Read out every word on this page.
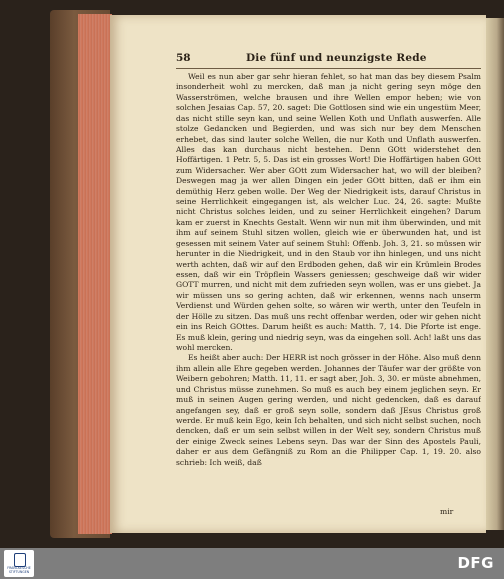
58	Die fünf und neunzigste Rede

Weil es nun aber gar sehr hieran fehlet, so hat man das bey diesem Psalm insonderheit wohl zu mercken, daß man ja nicht gering seyn möge den Wasserströmen, welche brausen und ihre Wellen empor heben; wie von solchen Jesaias Cap. 57, 20. saget: Die Gottlosen sind wie ein ungestüm Meer, das nicht stille seyn kan, und seine Wellen Koth und Unflath auswerfen. Alle stolze Gedancken und Begierden, und was sich nur bey dem Menschen erhebet, das sind lauter solche Wellen, die nur Koth und Unflath auswerfen. Alles das kan durchaus nicht bestehen. Denn GOtt widerstehet den Hoffärtigen. 1 Petr. 5, 5. Das ist ein grosses Wort! Die Hoffärtigen haben GOtt zum Widersacher. Wer aber GOtt zum Widersacher hat, wo will der bleiben? Deswegen mag ja wer allen Dingen ein jeder GOtt bitten, daß er ihm ein demüthig Herz geben wolle. Der Weg der Niedrigkeit ists, darauf Christus in seine Herrlichkeit eingegangen ist, als welcher Luc. 24, 26. sagte: Mußte nicht Christus solches leiden, und zu seiner Herrlichkeit eingehen? Darum kam er zuerst in Knechts Gestalt. Wenn wir nun mit ihm überwinden, und mit ihm auf seinem Stuhl sitzen wollen, gleich wie er überwunden hat, und ist gesessen mit seinem Vater auf seinem Stuhl: Offenb. Joh. 3, 21. so müssen wir herunter in die Niedrigkeit, und in den Staub vor ihn hinlegen, und uns nicht werth achten, daß wir auf den Erdboden gehen, daß wir ein Krümlein Brodes essen, daß wir ein Tröpflein Wassers geniessen; geschweige daß wir wider GOTT murren, und nicht mit dem zufrieden seyn wollen, was er uns giebet. Ja wir müssen uns so gering achten, daß wir erkennen, wenns nach unserm Verdienst und Würden gehen solte, so wären wir werth, unter den Teufeln in der Hölle zu sitzen. Das muß uns recht offenbar werden, oder wir gehen nicht ein ins Reich GOttes. Darum heißt es auch: Matth. 7, 14. Die Pforte ist enge. Es muß klein, gering und niedrig seyn, was da eingehen soll. Ach! laßt uns das wohl mercken.

Es heißt aber auch: Der HERR ist noch grösser in der Höhe. Also muß denn ihm allein alle Ehre gegeben werden. Johannes der Täufer war der größte von Weibern gebohren; Matth. 11, 11. er sagt aber, Joh. 3, 30. er müste abnehmen, und Christus müsse zunehmen. So muß es auch bey einem jeglichen seyn. Er muß in seinen Augen gering werden, und nicht gedencken, daß es darauf angefangen sey, daß er groß seyn solle, sondern daß JEsus Christus groß werde. Er muß kein Ego, kein Ich behalten, und sich nicht selbst suchen, noch dencken, daß er um sein selbst willen in der Welt sey, sondern Christus muß der einige Zweck seines Lebens seyn. Das war der Sinn des Apostels Pauli, daher er aus dem Gefängniß zu Rom an die Philipper Cap. 1, 19. 20. also schrieb: Ich weiß, daß

mir
FRANCKESCHE STIFTUNGEN	DFG
